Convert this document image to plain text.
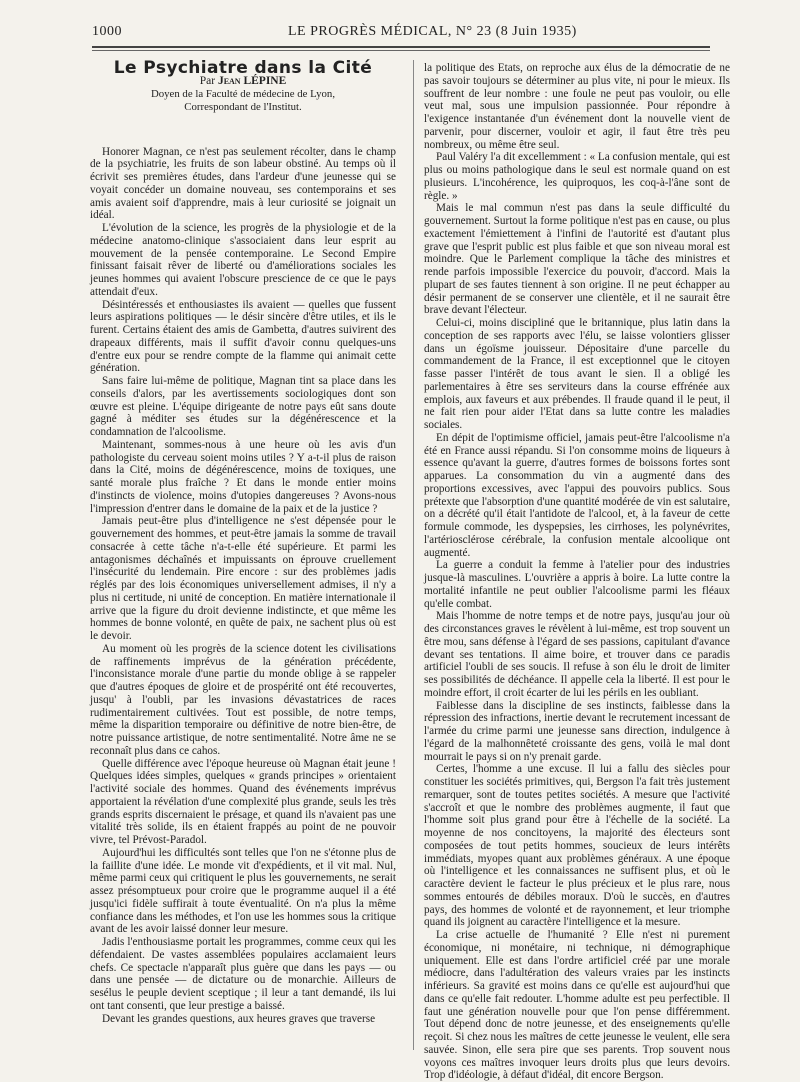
1000	LE PROGRÈS MÉDICAL, N° 23 (8 Juin 1935)

Le Psychiatre dans la Cité

Par Jean LÉPINE

Doyen de la Faculté de médecine de Lyon,

Correspondant de l'Institut.

Honorer Magnan, ce n'est pas seulement récolter, dans le champ de la psychiatrie, les fruits de son labeur obstiné. Au temps où il écrivit ses premières études, dans l'ardeur d'une jeunesse qui se voyait concéder un domaine nouveau, ses contemporains et ses amis avaient soif d'apprendre, mais à leur curiosité se joignait un idéal.

L'évolution de la science, les progrès de la physiologie et de la médecine anatomo-clinique s'associaient dans leur esprit au mouvement de la pensée contemporaine. Le Second Empire finissant faisait rêver de liberté ou d'améliorations sociales les jeunes hommes qui avaient l'obscure prescience de ce que le pays attendait d'eux.

Désintéressés et enthousiastes ils avaient — quelles que fussent leurs aspirations politiques — le désir sincère d'être utiles, et ils le furent. Certains étaient des amis de Gambetta, d'autres suivirent des drapeaux différents, mais il suffit d'avoir connu quelques-uns d'entre eux pour se rendre compte de la flamme qui animait cette génération.

Sans faire lui-même de politique, Magnan tint sa place dans les conseils d'alors, par les avertissements sociologiques dont son œuvre est pleine. L'équipe dirigeante de notre pays eût sans doute gagné à méditer ses études sur la dégénérescence et la condamnation de l'alcoolisme.

Maintenant, sommes-nous à une heure où les avis d'un pathologiste du cerveau soient moins utiles ? Y a-t-il plus de raison dans la Cité, moins de dégénérescence, moins de toxiques, une santé morale plus fraîche ? Et dans le monde entier moins d'instincts de violence, moins d'utopies dangereuses ? Avons-nous l'impression d'entrer dans le domaine de la paix et de la justice ?

Jamais peut-être plus d'intelligence ne s'est dépensée pour le gouvernement des hommes, et peut-être jamais la somme de travail consacrée à cette tâche n'a-t-elle été supérieure. Et parmi les antagonismes déchaînés et impuissants on éprouve cruellement l'insécurité du lendemain. Pire encore : sur des problèmes jadis réglés par des lois économiques universellement admises, il n'y a plus ni certitude, ni unité de conception. En matière internationale il arrive que la figure du droit devienne indistincte, et que même les hommes de bonne volonté, en quête de paix, ne sachent plus où est le devoir.

Au moment où les progrès de la science dotent les civilisations de raffinements imprévus de la génération précédente, l'inconsistance morale d'une partie du monde oblige à se rappeler que d'autres époques de gloire et de prospérité ont été recouvertes, jusqu' à l'oubli, par les invasions dévastatrices de races rudimentairement cultivées. Tout est possible, de notre temps, même la disparition temporaire ou définitive de notre bien-être, de notre puissance artistique, de notre sentimentalité. Notre âme ne se reconnaît plus dans ce cahos.

Quelle différence avec l'époque heureuse où Magnan était jeune ! Quelques idées simples, quelques « grands principes » orientaient l'activité sociale des hommes. Quand des événements imprévus apportaient la révélation d'une complexité plus grande, seuls les très grands esprits discernaient le présage, et quand ils n'avaient pas une vitalité très solide, ils en étaient frappés au point de ne pouvoir vivre, tel Prévost-Paradol.

Aujourd'hui les difficultés sont telles que l'on ne s'étonne plus de la faillite d'une idée. Le monde vit d'expédients, et il vit mal. Nul, même parmi ceux qui critiquent le plus les gouvernements, ne serait assez présomptueux pour croire que le programme auquel il a été jusqu'ici fidèle suffirait à toute éventualité. On n'a plus la même confiance dans les méthodes, et l'on use les hommes sous la critique avant de les avoir laissé donner leur mesure.

Jadis l'enthousiasme portait les programmes, comme ceux qui les défendaient. De vastes assemblées populaires acclamaient leurs chefs. Ce spectacle n'apparaît plus guère que dans les pays — ou dans une pensée — de dictature ou de monarchie. Ailleurs de sesélus le peuple devient sceptique ; il leur a tant demandé, ils lui ont tant consenti, que leur prestige a baissé.

Devant les grandes questions, aux heures graves que traverse

la politique des Etats, on reproche aux élus de la démocratie de ne pas savoir toujours se déterminer au plus vite, ni pour le mieux. Ils souffrent de leur nombre : une foule ne peut pas vouloir, ou elle veut mal, sous une impulsion passionnée. Pour répondre à l'exigence instantanée d'un événement dont la nouvelle vient de parvenir, pour discerner, vouloir et agir, il faut être très peu nombreux, ou même être seul.

Paul Valéry l'a dit excellemment : « La confusion mentale, qui est plus ou moins pathologique dans le seul est normale quand on est plusieurs. L'incohérence, les quiproquos, les coq-à-l'âne sont de règle. »

Mais le mal commun n'est pas dans la seule difficulté du gouvernement. Surtout la forme politique n'est pas en cause, ou plus exactement l'émiettement à l'infini de l'autorité est d'autant plus grave que l'esprit public est plus faible et que son niveau moral est moindre. Que le Parlement complique la tâche des ministres et rende parfois impossible l'exercice du pouvoir, d'accord. Mais la plupart de ses fautes tiennent à son origine. Il ne peut échapper au désir permanent de se conserver une clientèle, et il ne saurait être brave devant l'électeur.

Celui-ci, moins discipliné que le britannique, plus latin dans la conception de ses rapports avec l'élu, se laisse volontiers glisser dans un égoïsme jouisseur. Dépositaire d'une parcelle du commandement de la France, il est exceptionnel que le citoyen fasse passer l'intérêt de tous avant le sien. Il a obligé les parlementaires à être ses serviteurs dans la course effrénée aux emplois, aux faveurs et aux prébendes. Il fraude quand il le peut, il ne fait rien pour aider l'Etat dans sa lutte contre les maladies sociales.

En dépit de l'optimisme officiel, jamais peut-être l'alcoolisme n'a été en France aussi répandu. Si l'on consomme moins de liqueurs à essence qu'avant la guerre, d'autres formes de boissons fortes sont apparues. La consommation du vin a augmenté dans des proportions excessives, avec l'appui des pouvoirs publics. Sous prétexte que l'absorption d'une quantité modérée de vin est salutaire, on a décrété qu'il était l'antidote de l'alcool, et, à la faveur de cette formule commode, les dyspepsies, les cirrhoses, les polynévrites, l'artériosclérose cérébrale, la confusion mentale alcoolique ont augmenté.

La guerre a conduit la femme à l'atelier pour des industries jusque-là masculines. L'ouvrière a appris à boire. La lutte contre la mortalité infantile ne peut oublier l'alcoolisme parmi les fléaux qu'elle combat.

Mais l'homme de notre temps et de notre pays, jusqu'au jour où des circonstances graves le révèlent à lui-même, est trop souvent un être mou, sans défense à l'égard de ses passions, capitulant d'avance devant ses tentations. Il aime boire, et trouver dans ce paradis artificiel l'oubli de ses soucis. Il refuse à son élu le droit de limiter ses possibilités de déchéance. Il appelle cela la liberté. Il est pour le moindre effort, il croit écarter de lui les périls en les oubliant.

Faiblesse dans la discipline de ses instincts, faiblesse dans la répression des infractions, inertie devant le recrutement incessant de l'armée du crime parmi une jeunesse sans direction, indulgence à l'égard de la malhonnêteté croissante des gens, voilà le mal dont mourrait le pays si on n'y prenait garde.

Certes, l'homme a une excuse. Il lui a fallu des siècles pour constituer les sociétés primitives, qui, Bergson l'a fait très justement remarquer, sont de toutes petites sociétés. A mesure que l'activité s'accroît et que le nombre des problèmes augmente, il faut que l'homme soit plus grand pour être à l'échelle de la société. La moyenne de nos concitoyens, la majorité des électeurs sont composées de tout petits hommes, soucieux de leurs intérêts immédiats, myopes quant aux problèmes généraux. A une époque où l'intelligence et les connaissances ne suffisent plus, et où le caractère devient le facteur le plus précieux et le plus rare, nous sommes entourés de débiles moraux. D'où le succès, en d'autres pays, des hommes de volonté et de rayonnement, et leur triomphe quand ils joignent au caractère l'intelligence et la mesure.

La crise actuelle de l'humanité ? Elle n'est ni purement économique, ni monétaire, ni technique, ni démographique uniquement. Elle est dans l'ordre artificiel créé par une morale médiocre, dans l'adultération des valeurs vraies par les instincts inférieurs. Sa gravité est moins dans ce qu'elle est aujourd'hui que dans ce qu'elle fait redouter. L'homme adulte est peu perfectible. Il faut une génération nouvelle pour que l'on pense différemment. Tout dépend donc de notre jeunesse, et des enseignements qu'elle reçoit. Si chez nous les maîtres de cette jeunesse le veulent, elle sera sauvée. Sinon, elle sera pire que ses parents. Trop souvent nous voyons ces maîtres invoquer leurs droits plus que leurs devoirs. Trop d'idéologie, à défaut d'idéal, dit encore Bergson.
